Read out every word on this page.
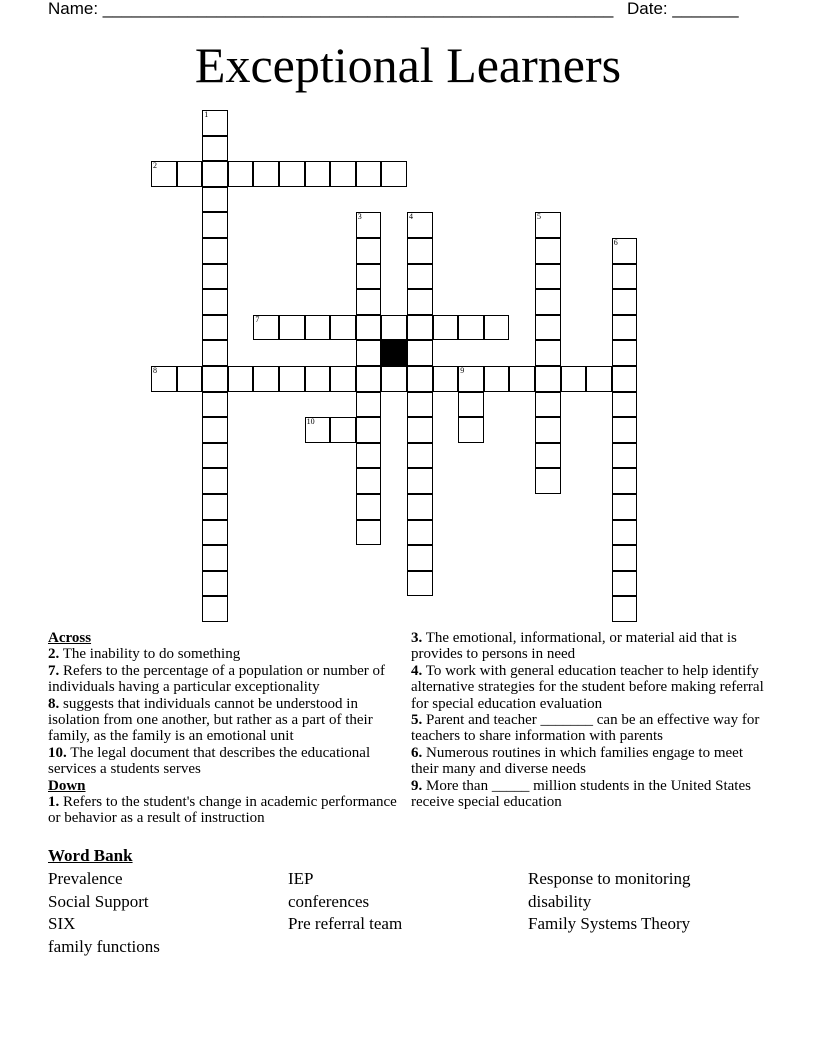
Name: ______________________________________________________ Date: _______
Exceptional Learners
1
2
3	4	5
6
7
8	9
10
Across
2. The inability to do something
7. Refers to the percentage of a population or number of individuals having a particular exceptionality
8. suggests that individuals cannot be understood in isolation from one another, but rather as a part of their family, as the family is an emotional unit
10. The legal document that describes the educational services a students serves
Down
1. Refers to the student's change in academic performance or behavior as a result of instruction
3. The emotional, informational, or material aid that is provides to persons in need
4. To work with general education teacher to help identify alternative strategies for the student before making referral for special education evaluation
5. Parent and teacher _______ can be an effective way for teachers to share information with parents
6. Numerous routines in which families engage to meet their many and diverse needs
9. More than _____ million students in the United States receive special education
Word Bank
Prevalence	IEP	Response to monitoring
Social Support	conferences	disability
SIX	Pre referral team	Family Systems Theory
family functions
